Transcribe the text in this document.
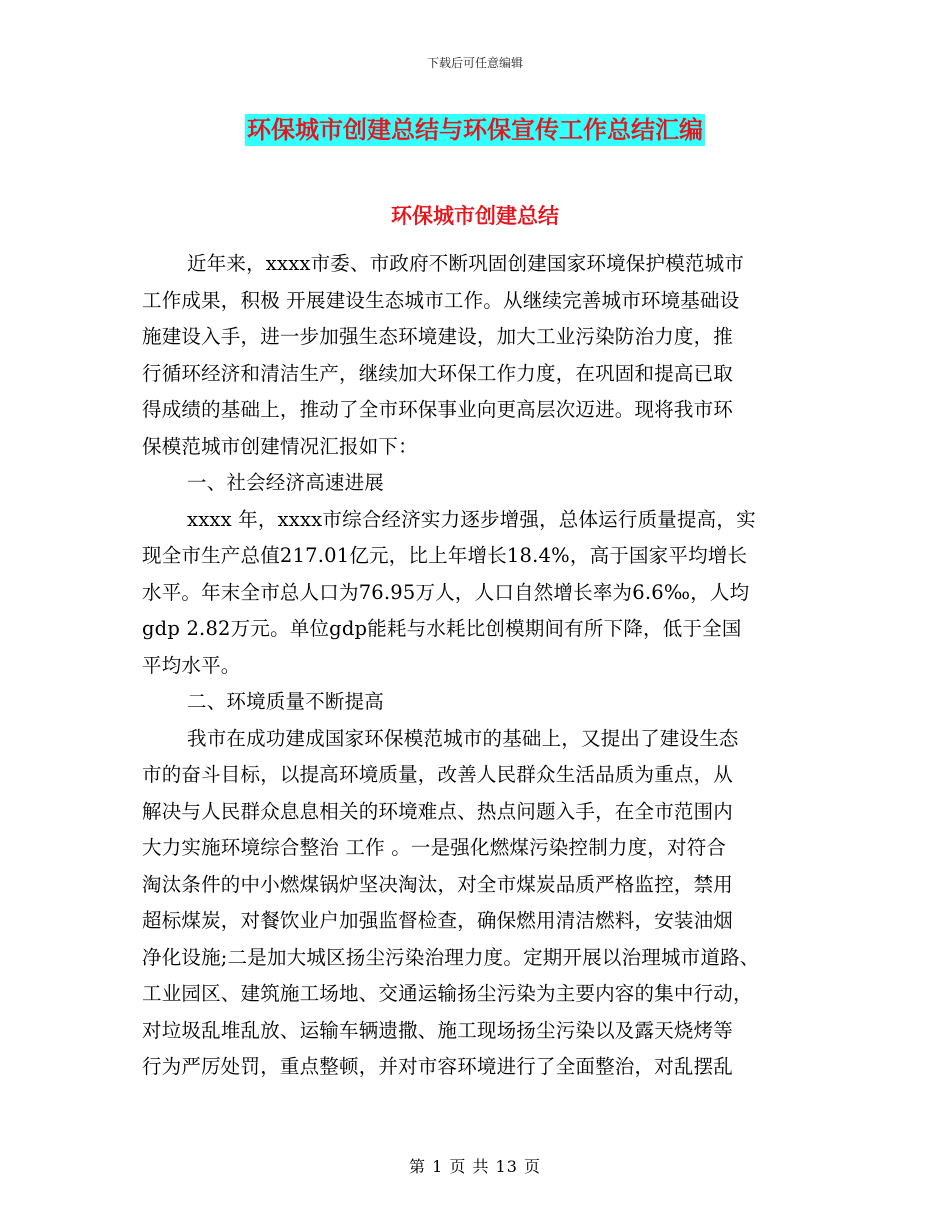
下载后可任意编辑
环保城市创建总结与环保宣传工作总结汇编
环保城市创建总结
近年来，xxxx市委、市政府不断巩固创建国家环境保护模范城市
工作成果，积极 开展建设生态城市工作。从继续完善城市环境基础设
施建设入手，进一步加强生态环境建设，加大工业污染防治力度，推
行循环经济和清洁生产，继续加大环保工作力度，在巩固和提高已取
得成绩的基础上，推动了全市环保事业向更高层次迈进。现将我市环
保模范城市创建情况汇报如下：
一、社会经济高速进展
xxxx 年，xxxx市综合经济实力逐步增强，总体运行质量提高，实
现全市生产总值217.01亿元，比上年增长18.4%，高于国家平均增长
水平。年末全市总人口为76.95万人，人口自然增长率为6.6‰，人均
gdp 2.82万元。单位gdp能耗与水耗比创模期间有所下降，低于全国
平均水平。
二、环境质量不断提高
我市在成功建成国家环保模范城市的基础上，又提出了建设生态
市的奋斗目标，以提高环境质量，改善人民群众生活品质为重点，从
解决与人民群众息息相关的环境难点、热点问题入手，在全市范围内
大力实施环境综合整治 工作 。一是强化燃煤污染控制力度，对符合
淘汰条件的中小燃煤锅炉坚决淘汰，对全市煤炭品质严格监控，禁用
超标煤炭，对餐饮业户加强监督检查，确保燃用清洁燃料，安装油烟
净化设施;二是加大城区扬尘污染治理力度。定期开展以治理城市道路、
工业园区、建筑施工场地、交通运输扬尘污染为主要内容的集中行动，
对垃圾乱堆乱放、运输车辆遗撒、施工现场扬尘污染以及露天烧烤等
行为严厉处罚，重点整顿，并对市容环境进行了全面整治，对乱摆乱
第 1 页 共 13 页
